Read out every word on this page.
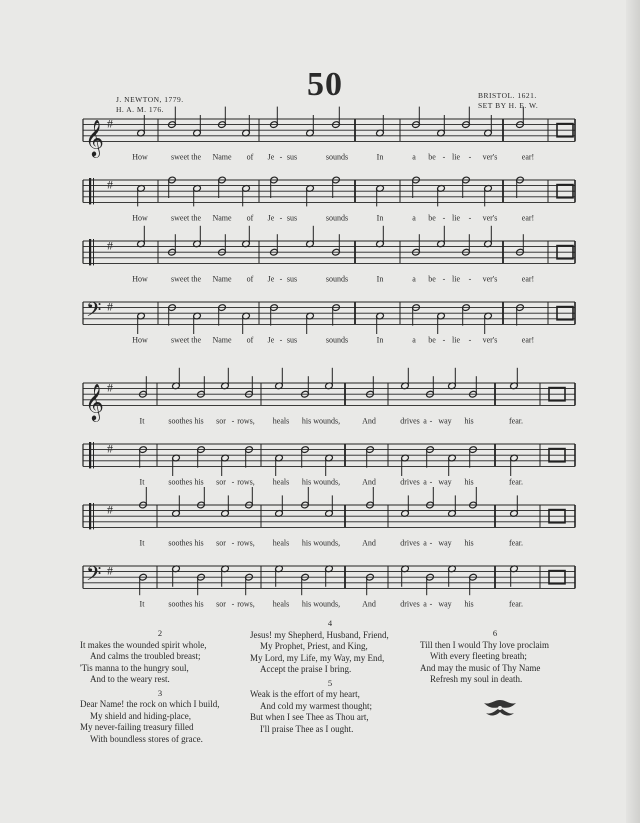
50
J. NEWTON, 1779.
H. A. M. 176.
BRISTOL. 1621.
SET BY H. E. W.
𝄞 #
How	sweet the Name of Je - sus	sounds	In	a be - lie - ver's	ear!
#
How	sweet the Name of Je - sus	sounds	In	a be - lie - ver's	ear!
#
How	sweet the Name of Je - sus	sounds	In	a be - lie - ver's	ear!
𝄢 #
How	sweet the Name of Je - sus	sounds	In	a be - lie - ver's	ear!
𝄞 #
It	soothes his sor - rows, heals his wounds,	And	drives a - way his	fear.
#
It	soothes his sor - rows, heals his wounds,	And	drives a - way his	fear.
#
It	soothes his sor - rows, heals his wounds,	And	drives a - way his	fear.
𝄢 #
It	soothes his sor - rows, heals his wounds,	And	drives a - way his	fear.
2
It makes the wounded spirit whole,
And calms the troubled breast;
'Tis manna to the hungry soul,
And to the weary rest.
3
Dear Name! the rock on which I build,
My shield and hiding-place,
My never-failing treasury filled
With boundless stores of grace.
4
Jesus! my Shepherd, Husband, Friend,
My Prophet, Priest, and King,
My Lord, my Life, my Way, my End,
Accept the praise I bring.
5
Weak is the effort of my heart,
And cold my warmest thought;
But when I see Thee as Thou art,
I'll praise Thee as I ought.
6
Till then I would Thy love proclaim
With every fleeting breath;
And may the music of Thy Name
Refresh my soul in death.
